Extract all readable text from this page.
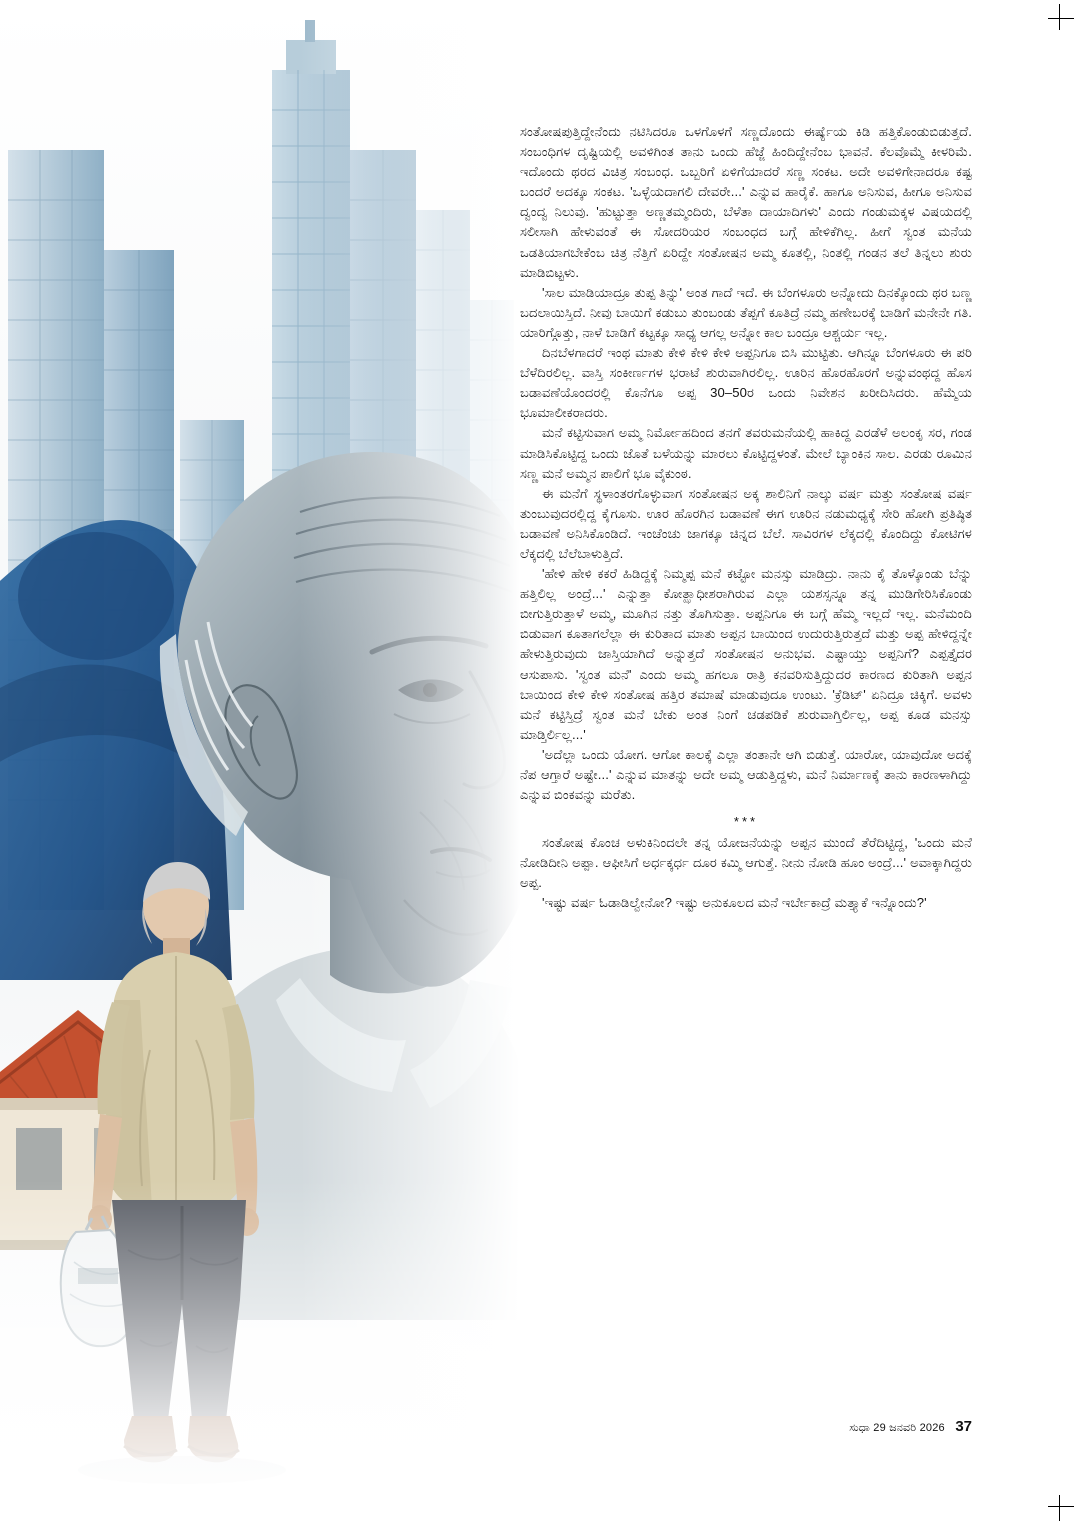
ಸಂತೋಷಪುತ್ತಿದ್ದೇನೆಂದು ನಟಿಸಿದರೂ ಒಳಗೊಳಗೆ ಸಣ್ಣದೊಂದು ಈರ್ಷ್ಯೆಯ ಕಿಡಿ ಹತ್ತಿಕೊಂಡುಬಿಡುತ್ತದೆ. ಸಂಬಂಧಿಗಳ ದೃಷ್ಟಿಯಲ್ಲಿ ಅವಳಿಗಿಂತ ತಾನು ಒಂದು ಹೆಜ್ಜೆ ಹಿಂದಿದ್ದೇನೆಂಬ ಭಾವನೆ. ಕೆಲವೊಮ್ಮೆ ಕೀಳರಿಮೆ. ಇದೊಂದು ಥರದ ವಿಚಿತ್ರ ಸಂಬಂಧ. ಒಬ್ಬರಿಗೆ ಏಳಿಗೆಯಾದರೆ ಸಣ್ಣ ಸಂಕಟ. ಅದೇ ಅವಳಿಗೇನಾದರೂ ಕಷ್ಟ ಬಂದರೆ ಅದಕ್ಕೂ ಸಂಕಟ. 'ಒಳ್ಳೆಯದಾಗಲಿ ದೇವರೇ...' ಎನ್ನುವ ಹಾರೈಕೆ. ಹಾಗೂ ಅನಿಸುವ, ಹೀಗೂ ಅನಿಸುವ ದ್ವಂದ್ವ ನಿಲುವು. 'ಹುಟ್ಟುತ್ತಾ ಅಣ್ಣತಮ್ಮಂದಿರು, ಬೆಳೆತಾ ದಾಯಾದಿಗಳು' ಎಂದು ಗಂಡುಮಕ್ಕಳ ವಿಷಯದಲ್ಲಿ ಸಲೀಸಾಗಿ ಹೇಳುವಂತೆ ಈ ಸೋದರಿಯರ ಸಂಬಂಧದ ಬಗ್ಗೆ ಹೇಳಿಕೆಗಿಲ್ಲ. ಹೀಗೆ ಸ್ವಂತ ಮನೆಯ ಒಡತಿಯಾಗಬೇಕೆಂಬ ಚಿತ್ರ ನೆತ್ತಿಗೆ ಏರಿದ್ದೇ ಸಂತೋಷನ ಅಮ್ಮ ಕೂತಲ್ಲಿ, ನಿಂತಲ್ಲಿ ಗಂಡನ ತಲೆ ತಿನ್ನಲು ಶುರು ಮಾಡಿಬಿಟ್ಟಳು.

'ಸಾಲ ಮಾಡಿಯಾದ್ರೂ ತುಪ್ಪ ತಿನ್ನು' ಅಂತ ಗಾದೆ ಇದೆ. ಈ ಬೆಂಗಳೂರು ಅನ್ನೋದು ದಿನಕ್ಕೊಂದು ಥರ ಬಣ್ಣ ಬದಲಾಯಿಸ್ತಿದೆ. ನೀವು ಬಾಯಿಗೆ ಕಡುಬು ತುಂಬಂಡು ತೆಪ್ಪಗೆ ಕೂತಿದ್ರೆ ನಮ್ಮ ಹಣೇಬರಕ್ಕೆ ಬಾಡಿಗೆ ಮನೇನೇ ಗತಿ. ಯಾರಿಗ್ಗೊತ್ತು, ನಾಳೆ ಬಾಡಿಗೆ ಕಟ್ಟಕ್ಕೂ ಸಾಧ್ಯ ಆಗಲ್ಲ ಅನ್ನೋ ಕಾಲ ಬಂದ್ರೂ ಆಶ್ಚರ್ಯ ಇಲ್ಲ.

ದಿನಬೆಳಗಾದರೆ ಇಂಥ ಮಾತು ಕೇಳಿ ಕೇಳಿ ಕೇಳಿ ಅಪ್ಪನಿಗೂ ಬಿಸಿ ಮುಟ್ಟಿತು. ಆಗಿನ್ನೂ ಬೆಂಗಳೂರು ಈ ಪರಿ ಬೆಳೆದಿರಲಿಲ್ಲ. ವಾಸ್ತಿ ಸಂಕೀರ್ಣಗಳ ಭರಾಟೆ ಶುರುವಾಗಿರಲಿಲ್ಲ. ಊರಿನ ಹೊರಹೊರಗೆ ಅನ್ನುವಂಥದ್ದ ಹೊಸ ಬಡಾವಣೆಯೊಂದರಲ್ಲಿ ಕೊನೆಗೂ ಅಪ್ಪ 30–50ರ ಒಂದು ನಿವೇಶನ ಖರೀದಿಸಿದರು. ಹೆಮ್ಮೆಯ ಭೂಮಾಲೀಕರಾದರು.

ಮನೆ ಕಟ್ಟಿಸುವಾಗ ಅಮ್ಮ ನಿರ್ಮೋಹದಿಂದ ತನಗೆ ತವರುಮನೆಯಲ್ಲಿ ಹಾಕಿದ್ದ ಎರಡೆಳೆ ಅಲಂಕೃ ಸರ, ಗಂಡ ಮಾಡಿಸಿಕೊಟ್ಟಿದ್ದ ಒಂದು ಜೊತೆ ಬಳೆಯನ್ನು ಮಾರಲು ಕೊಟ್ಟಿದ್ದಳಂತೆ. ಮೇಲೆ ಬ್ಯಾಂಕಿನ ಸಾಲ. ಎರಡು ರೂಮಿನ ಸಣ್ಣ ಮನೆ ಅಮ್ಮನ ಪಾಲಿಗೆ ಭೂ ವೈಕುಂಠ.

ಈ ಮನೆಗೆ ಸ್ಥಳಾಂತರಗೊಳ್ಳುವಾಗ ಸಂತೋಷನ ಅಕ್ಕ ಶಾಲಿನಿಗೆ ನಾಲ್ಕು ವರ್ಷ ಮತ್ತು ಸಂತೋಷ ವರ್ಷ ತುಂಬುವುದರಲ್ಲಿದ್ದ ಕೈಗೂಸು. ಊರ ಹೊರಗಿನ ಬಡಾವಣೆ ಈಗ ಊರಿನ ನಡುಮಧ್ಯಕ್ಕೆ ಸೇರಿ ಹೋಗಿ ಪ್ರತಿಷ್ಠಿತ ಬಡಾವಣೆ ಅನಿಸಿಕೊಂಡಿದೆ. ಇಂಚೆಂಚು ಜಾಗಕ್ಕೂ ಚಿನ್ನದ ಬೆಲೆ. ಸಾವಿರಗಳ ಲೆಕ್ಕದಲ್ಲಿ ಕೊಂದಿದ್ದು ಕೋಟಿಗಳ ಲೆಕ್ಕದಲ್ಲಿ ಬೆಲೆಬಾಳುತ್ತಿದೆ.

'ಹೇಳಿ ಹೇಳಿ ಕಕರೆ ಹಿಡಿದ್ದಕ್ಕೆ ನಿಮ್ಮಪ್ಪ ಮನೆ ಕಟ್ಟೋ ಮನಸ್ಸು ಮಾಡಿದ್ರು. ನಾನು ಕೈ ತೊಳ್ಕೊಂಡು ಬೆನ್ನು ಹತ್ತಿಲಿಲ್ಲ ಅಂದ್ರೆ...' ಎನ್ನುತ್ತಾ ಕೋತ್ಝಾಧೀಶರಾಗಿರುವ ಎಲ್ಲಾ ಯಶಸ್ಸನ್ನೂ ತನ್ನ ಮುಡಿಗೇರಿಸಿಕೊಂಡು ಬೀಗುತ್ತಿರುತ್ತಾಳೆ ಅಮ್ಮ, ಮೂಗಿನ ನತ್ತು ತೊಗಿಸುತ್ತಾ. ಅಪ್ಪನಿಗೂ ಈ ಬಗ್ಗೆ ಹೆಮ್ಮ ಇಲ್ಲದೆ ಇಲ್ಲ. ಮನೆಮಂದಿ ಬಿಡುವಾಗ ಕೂತಾಗಲೆಲ್ಲಾ ಈ ಕುರಿತಾದ ಮಾತು ಅಪ್ಪನ ಬಾಯಿಂದ ಉದುರುತ್ತಿರುತ್ತದೆ ಮತ್ತು ಅಪ್ಪ ಹೇಳಿದ್ದನ್ನೇ ಹೇಳುತ್ತಿರುವುದು ಜಾಸ್ತಿಯಾಗಿದೆ ಅನ್ನುತ್ತದೆ ಸಂತೋಷನ ಅನುಭವ. ಎಷ್ಟಾಯ್ತು ಅಪ್ಪನಿಗೆ? ಎಪ್ಪತ್ತೈದರ ಆಸುಪಾಸು. 'ಸ್ವಂತ ಮನೆ' ಎಂದು ಅಮ್ಮ ಹಗಲೂ ರಾತ್ರಿ ಕನವರಿಸುತ್ತಿದ್ದುದರ ಕಾರಣದ ಕುರಿತಾಗಿ ಅಪ್ಪನ ಬಾಯಿಂದ ಕೇಳಿ ಕೇಳಿ ಸಂತೋಷ ಹತ್ತಿರ ತಮಾಷೆ ಮಾಡುವುದೂ ಉಂಟು. 'ಕ್ರೆಡಿಟ್' ಏನಿದ್ರೂ ಚಿಕ್ಕಿಗೆ. ಅವಳು ಮನೆ ಕಟ್ಟಿಸ್ತಿದ್ರೆ ಸ್ವಂತ ಮನೆ ಬೇಕು ಅಂತ ನಿಂಗೆ ಚಡಪಡಿಕೆ ಶುರುವಾಗ್ತಿರ್ಲಿಲ್ಲ, ಅಪ್ಪ ಕೂಡ ಮನಸ್ಸು ಮಾಡ್ತಿರ್ಲಿಲ್ಲ...'

'ಅದೆಲ್ಲಾ ಒಂದು ಯೋಗ. ಆಗೋ ಕಾಲಕ್ಕೆ ಎಲ್ಲಾ ತಂತಾನೇ ಆಗಿ ಬಿಡುತ್ತೆ. ಯಾರೋ, ಯಾವುದೋ ಅದಕ್ಕೆ ನೆಪ ಆಗ್ತಾರೆ ಅಷ್ಟೇ...' ಎನ್ನುವ ಮಾತನ್ನು ಅದೇ ಅಮ್ಮ ಆಡುತ್ತಿದ್ದಳು, ಮನೆ ನಿರ್ಮಾಣಕ್ಕೆ ತಾನು ಕಾರಣಳಾಗಿದ್ದು ಎನ್ನುವ ಬಿಂಕವನ್ನು ಮರೆತು.

***

ಸಂತೋಷ ಕೊಂಚ ಅಳುಕಿನಿಂದಲೇ ತನ್ನ ಯೋಜನೆಯನ್ನು ಅಪ್ಪನ ಮುಂದೆ ತೆರೆದಿಟ್ಟಿದ್ದ, 'ಒಂದು ಮನೆ ನೋಡಿದೀನಿ ಅಪ್ಪಾ. ಆಫೀಸಿಗೆ ಅರ್ಧಕ್ಕರ್ಧ ದೂರ ಕಮ್ಮಿ ಆಗುತ್ತೆ. ನೀನು ನೋಡಿ ಹೂಂ ಅಂದ್ರೆ...' ಅವಾಕ್ಕಾಗಿದ್ದರು ಅಪ್ಪ.

'ಇಷ್ಟು ವರ್ಷ ಓಡಾಡಿಲ್ವೇನೋ? ಇಷ್ಟು ಅನುಕೂಲದ ಮನೆ ಇರ್ಬೇಕಾದ್ರೆ ಮತ್ತ್ಯಾಕೆ ಇನ್ನೊಂದು?'

ಸುಧಾ 29 ಜನವರಿ 2026 37
